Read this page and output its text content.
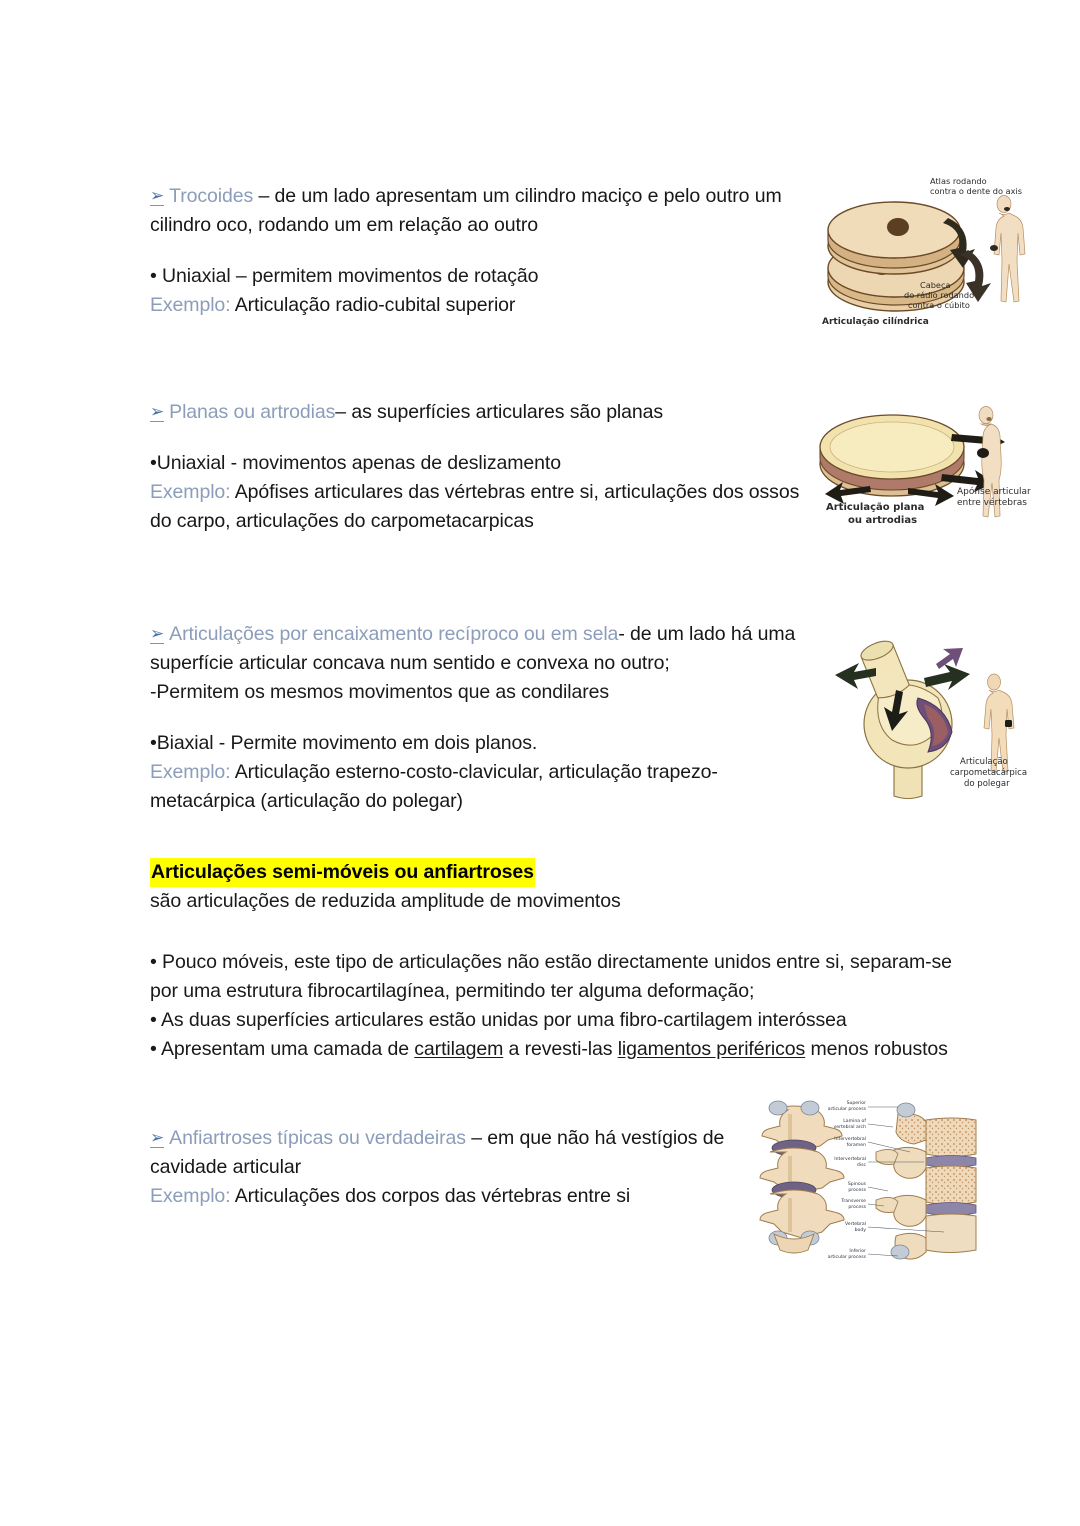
➢ Trocoides – de um lado apresentam um cilindro maciço e pelo outro um cilindro oco, rodando um em relação ao outro

• Uniaxial – permitem movimentos de rotação

Exemplo: Articulação radio-cubital superior

Atlas rodando
contra o dente do axis
Cabeça
do rádio rodando
contra o cúbito
Articulação cilíndrica

➢ Planas ou artrodias– as superfícies articulares são planas

•Uniaxial - movimentos apenas de deslizamento

Exemplo: Apófises articulares das vértebras entre si, articulações dos ossos do carpo, articulações do carpometacarpicas

Articulação plana
ou artrodias
Apófise articular
entre vértebras

➢ Articulações por encaixamento recíproco ou em sela- de um lado há uma superfície articular concava num sentido e convexa no outro;

-Permitem os mesmos movimentos que as condilares

•Biaxial - Permite movimento em dois planos.

Exemplo: Articulação esterno-costo-clavicular, articulação trapezo-metacárpica (articulação do polegar)

Articulação
carpometacárpica
do polegar

Articulações semi-móveis ou anfiartroses

são articulações de reduzida amplitude de movimentos

• Pouco móveis, este tipo de articulações não estão directamente unidos entre si, separam-se por uma estrutura fibrocartilagínea, permitindo ter alguma deformação;

• As duas superfícies articulares estão unidas por uma fibro-cartilagem interóssea

• Apresentam uma camada de cartilagem a revesti-las ligamentos periféricos menos robustos

➢ Anfiartroses típicas ou verdadeiras – em que não há vestígios de cavidade articular

Exemplo: Articulações dos corpos das vértebras entre si

Superior
articular process
Lamina of
vertebral arch
Intervertebral
foramen
Intervertebral
disc
Spinous
process
Transverse
process
Vertebral
body
Inferior
articular process
